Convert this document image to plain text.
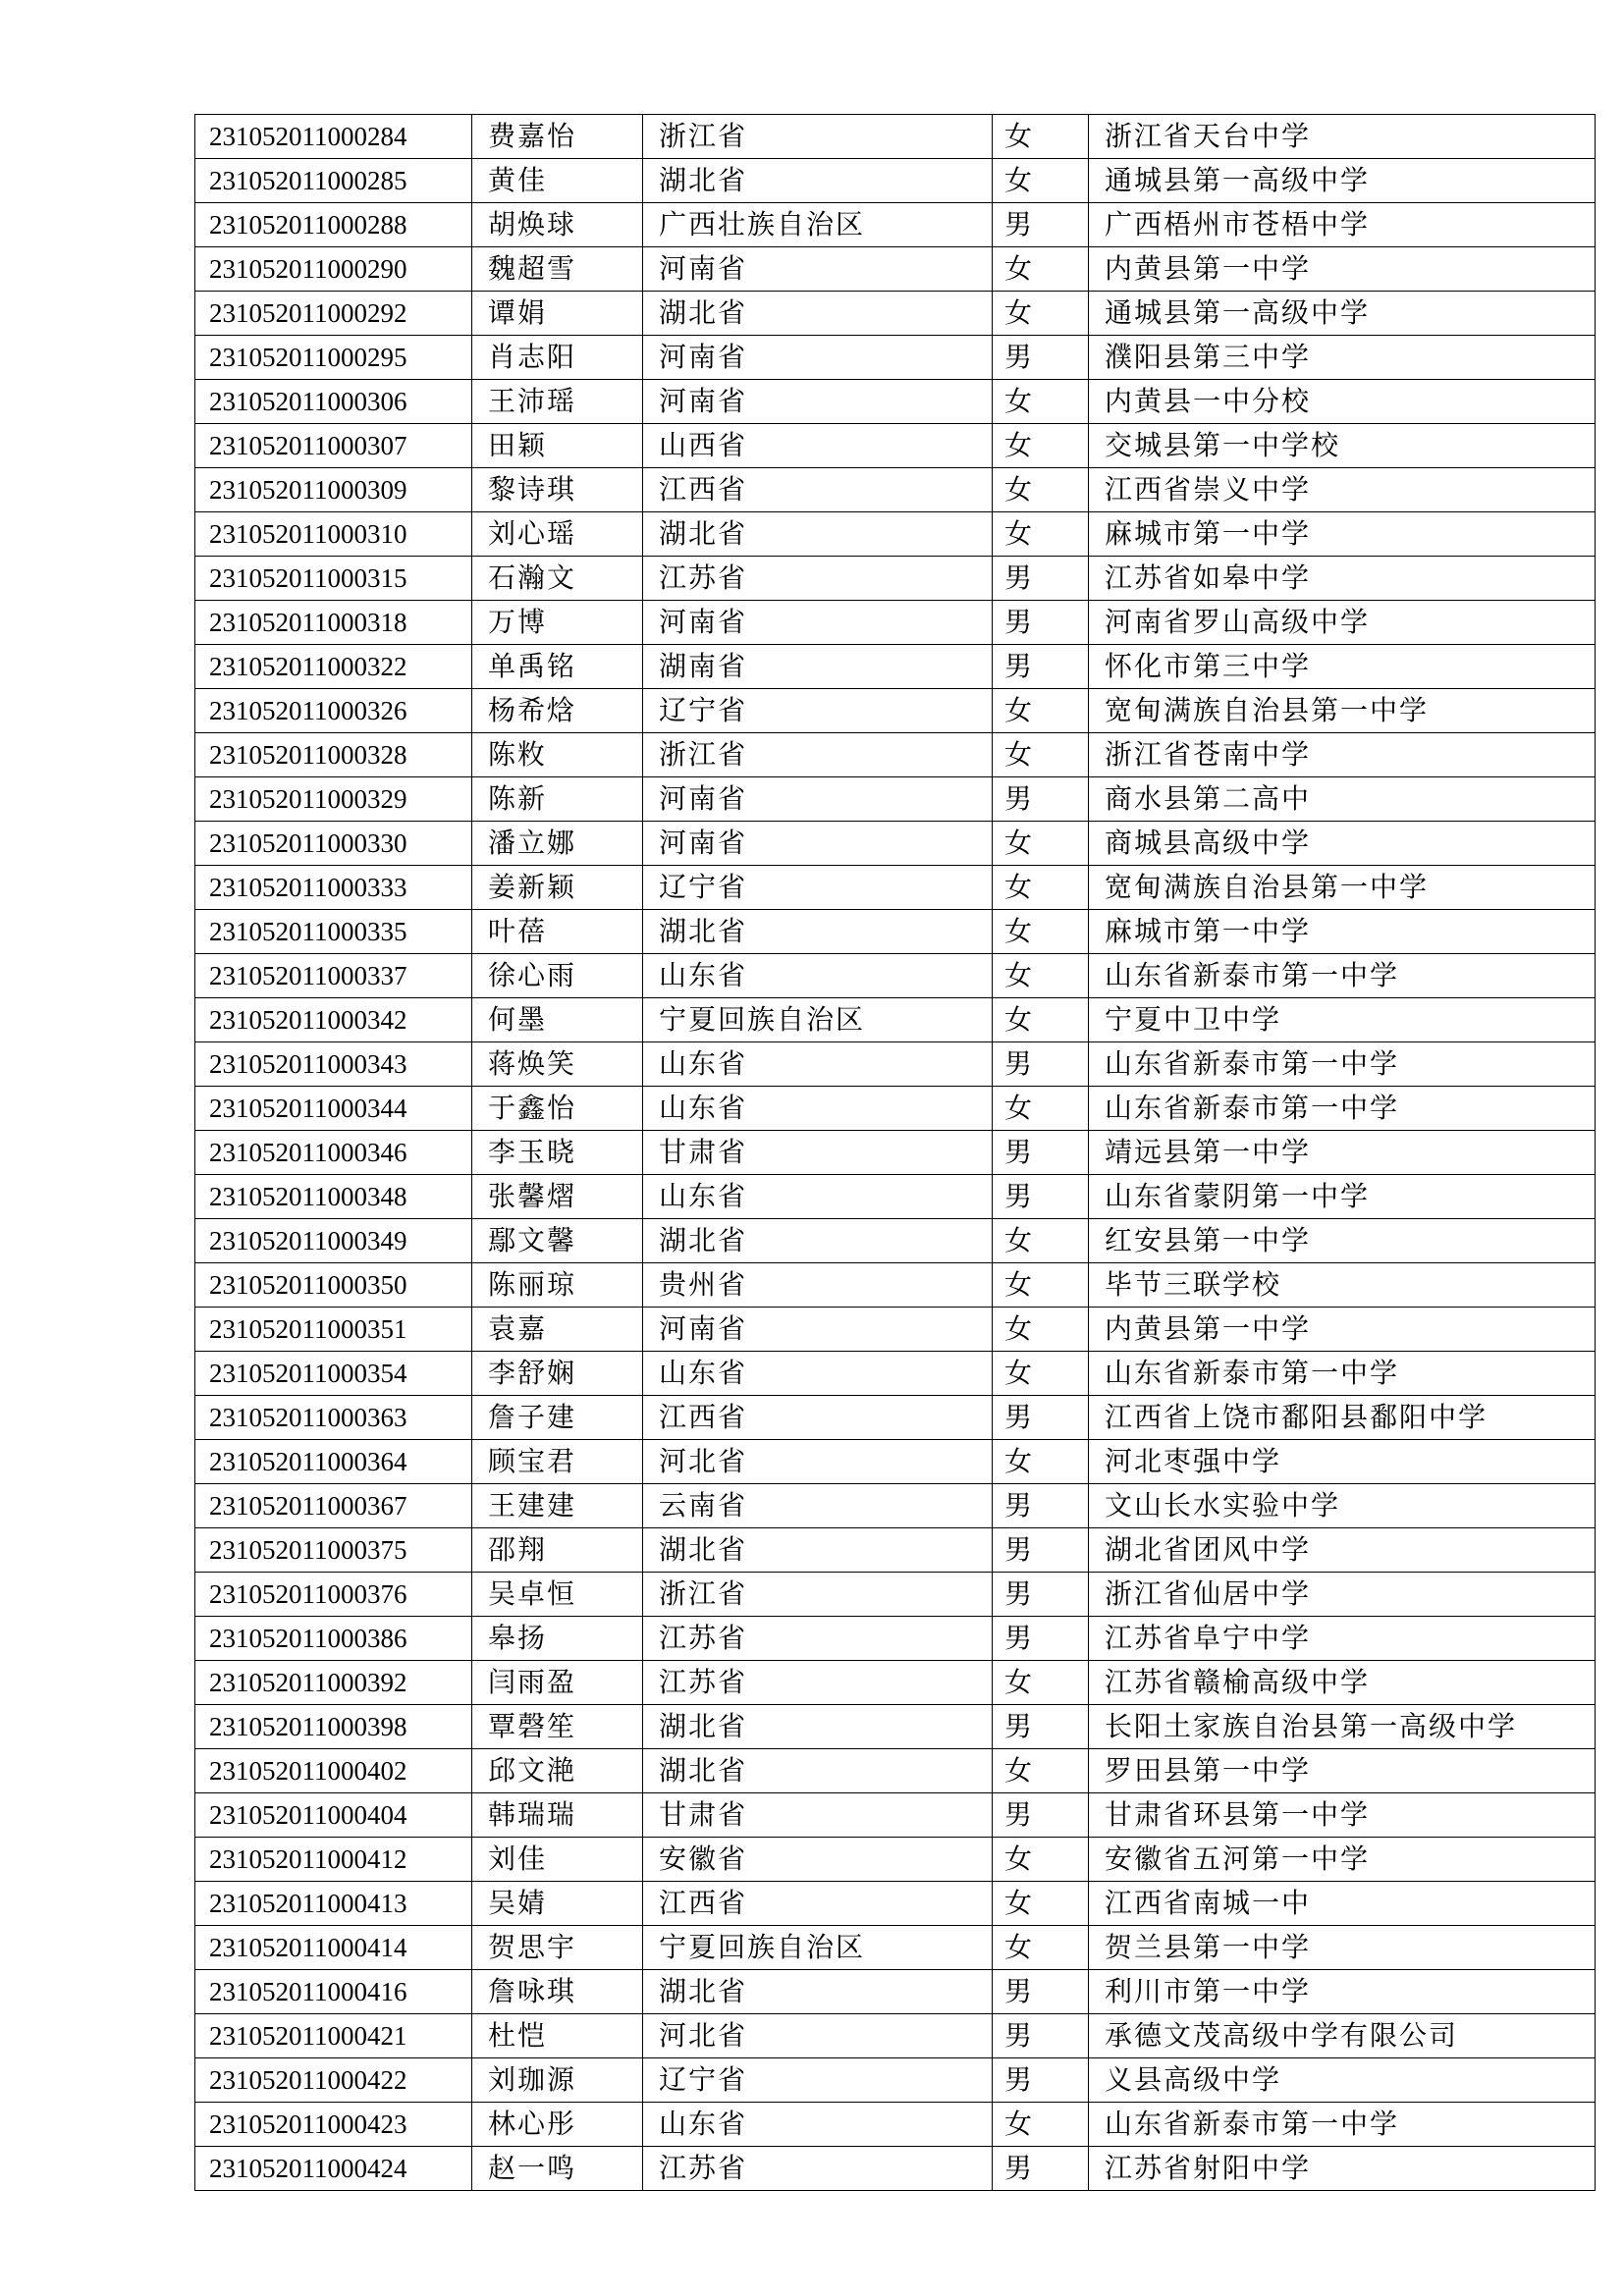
231052011000284	费嘉怡	浙江省	女	浙江省天台中学
231052011000285	黄佳	湖北省	女	通城县第一高级中学
231052011000288	胡焕球	广西壮族自治区	男	广西梧州市苍梧中学
231052011000290	魏超雪	河南省	女	内黄县第一中学
231052011000292	谭娟	湖北省	女	通城县第一高级中学
231052011000295	肖志阳	河南省	男	濮阳县第三中学
231052011000306	王沛瑶	河南省	女	内黄县一中分校
231052011000307	田颖	山西省	女	交城县第一中学校
231052011000309	黎诗琪	江西省	女	江西省崇义中学
231052011000310	刘心瑶	湖北省	女	麻城市第一中学
231052011000315	石瀚文	江苏省	男	江苏省如皋中学
231052011000318	万博	河南省	男	河南省罗山高级中学
231052011000322	单禹铭	湖南省	男	怀化市第三中学
231052011000326	杨希焓	辽宁省	女	宽甸满族自治县第一中学
231052011000328	陈敉	浙江省	女	浙江省苍南中学
231052011000329	陈新	河南省	男	商水县第二高中
231052011000330	潘立娜	河南省	女	商城县高级中学
231052011000333	姜新颖	辽宁省	女	宽甸满族自治县第一中学
231052011000335	叶蓓	湖北省	女	麻城市第一中学
231052011000337	徐心雨	山东省	女	山东省新泰市第一中学
231052011000342	何墨	宁夏回族自治区	女	宁夏中卫中学
231052011000343	蒋焕笑	山东省	男	山东省新泰市第一中学
231052011000344	于鑫怡	山东省	女	山东省新泰市第一中学
231052011000346	李玉晓	甘肃省	男	靖远县第一中学
231052011000348	张馨熠	山东省	男	山东省蒙阴第一中学
231052011000349	鄢文馨	湖北省	女	红安县第一中学
231052011000350	陈丽琼	贵州省	女	毕节三联学校
231052011000351	袁嘉	河南省	女	内黄县第一中学
231052011000354	李舒娴	山东省	女	山东省新泰市第一中学
231052011000363	詹子建	江西省	男	江西省上饶市鄱阳县鄱阳中学
231052011000364	顾宝君	河北省	女	河北枣强中学
231052011000367	王建建	云南省	男	文山长水实验中学
231052011000375	邵翔	湖北省	男	湖北省团风中学
231052011000376	吴卓恒	浙江省	男	浙江省仙居中学
231052011000386	皋扬	江苏省	男	江苏省阜宁中学
231052011000392	闫雨盈	江苏省	女	江苏省赣榆高级中学
231052011000398	覃磬笙	湖北省	男	长阳土家族自治县第一高级中学
231052011000402	邱文滟	湖北省	女	罗田县第一中学
231052011000404	韩瑞瑞	甘肃省	男	甘肃省环县第一中学
231052011000412	刘佳	安徽省	女	安徽省五河第一中学
231052011000413	吴婧	江西省	女	江西省南城一中
231052011000414	贺思宇	宁夏回族自治区	女	贺兰县第一中学
231052011000416	詹咏琪	湖北省	男	利川市第一中学
231052011000421	杜恺	河北省	男	承德文茂高级中学有限公司
231052011000422	刘珈源	辽宁省	男	义县高级中学
231052011000423	林心彤	山东省	女	山东省新泰市第一中学
231052011000424	赵一鸣	江苏省	男	江苏省射阳中学
